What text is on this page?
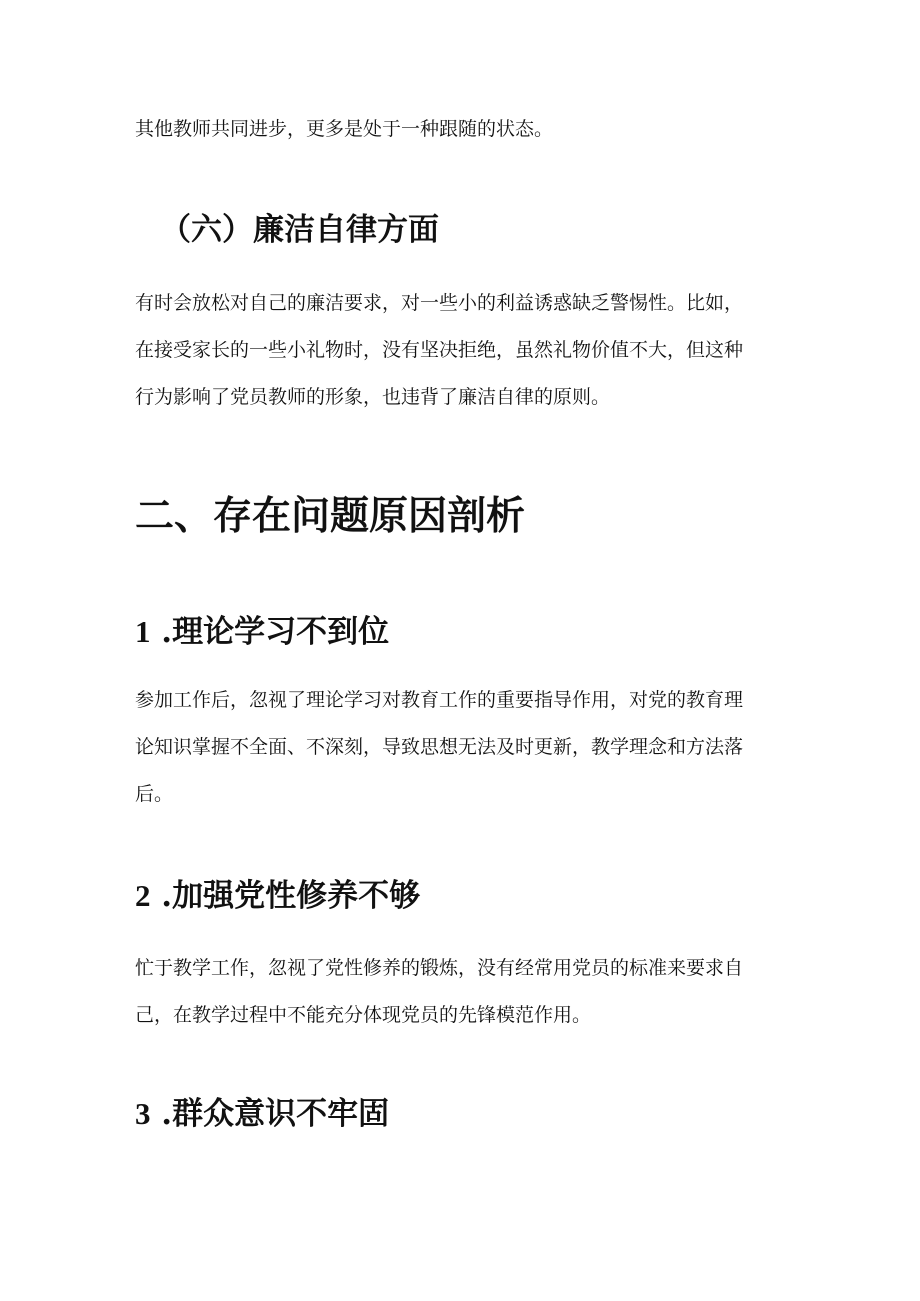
其他教师共同进步，更多是处于一种跟随的状态。

（六）廉洁自律方面

有时会放松对自己的廉洁要求，对一些小的利益诱惑缺乏警惕性。比如，
在接受家长的一些小礼物时，没有坚决拒绝，虽然礼物价值不大，但这种
行为影响了党员教师的形象，也违背了廉洁自律的原则。

二、存在问题原因剖析
1 .理论学习不到位

参加工作后，忽视了理论学习对教育工作的重要指导作用，对党的教育理
论知识掌握不全面、不深刻，导致思想无法及时更新，教学理念和方法落
后。

2 .加强党性修养不够

忙于教学工作，忽视了党性修养的锻炼，没有经常用党员的标准来要求自
己，在教学过程中不能充分体现党员的先锋模范作用。

3 .群众意识不牢固
